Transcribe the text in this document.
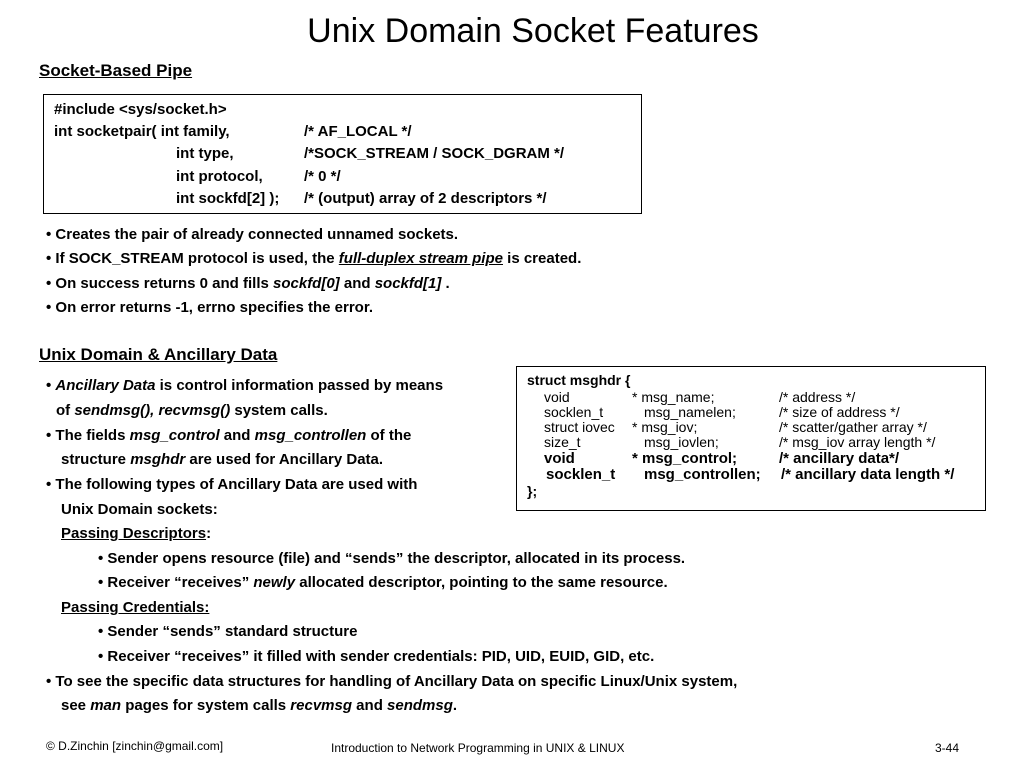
Unix Domain Socket Features
Socket-Based Pipe
#include <sys/socket.h>
int socketpair( int family,	/* AF_LOCAL */
int type,	/*SOCK_STREAM / SOCK_DGRAM */
int protocol,	/* 0 */
int sockfd[2] ); /* (output) array of 2 descriptors */
• Creates the pair of already connected unnamed sockets.
• If SOCK_STREAM protocol is used, the full-duplex stream pipe is created.
• On success returns 0 and fills sockfd[0] and sockfd[1] .
• On error returns -1, errno specifies the error.
Unix Domain & Ancillary Data
• Ancillary Data is control information passed by means
of sendmsg(), recvmsg() system calls.
• The fields msg_control and msg_controllen of the
structure msghdr are used for Ancillary Data.
• The following types of Ancillary Data are used with
Unix Domain sockets:
Passing Descriptors:
• Sender opens resource (file) and “sends” the descriptor, allocated in its process.
• Receiver “receives” newly allocated descriptor, pointing to the same resource.
Passing Credentials:
• Sender “sends” standard structure
• Receiver “receives” it filled with sender credentials: PID, UID, EUID, GID, etc.
• To see the specific data structures for handling of Ancillary Data on specific Linux/Unix system,
see man pages for system calls recvmsg and sendmsg.
struct msghdr {
void	* msg_name;	/* address */
socklen_t	msg_namelen;	/* size of address */
struct iovec * msg_iov;	/* scatter/gather array */
size_t	msg_iovlen;	/* msg_iov array length */
void	* msg_control;	/* ancillary data*/
socklen_t msg_controllen; /* ancillary data length */
};
© D.Zinchin [zinchin@gmail.com]	Introduction to Network Programming in UNIX & LINUX	3-44
